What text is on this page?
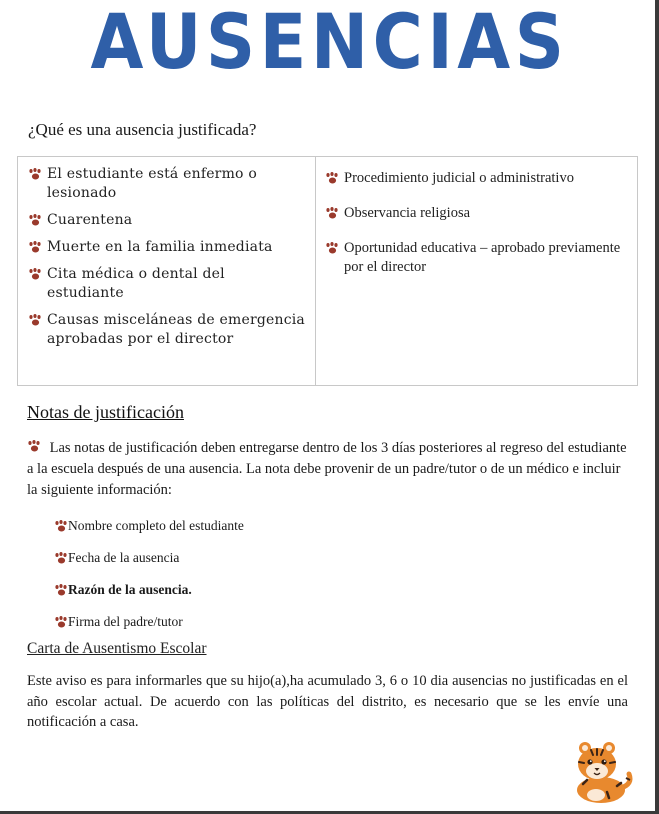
AUSENCIAS
¿Qué es una ausencia justificada?
El estudiante está enfermo o lesionado
Cuarentena
Muerte en la familia inmediata
Cita médica o dental del estudiante
Causas misceláneas de emergencia aprobadas por el director
Procedimiento judicial o administrativo
Observancia religiosa
Oportunidad educativa – aprobado previamente por el director
Notas de justificación
Las notas de justificación deben entregarse dentro de los 3 días posteriores al regreso del estudiante a la escuela después de una ausencia. La nota debe provenir de un padre/tutor o de un médico e incluir la siguiente información:
Nombre completo del estudiante
Fecha de la ausencia
Razón de la ausencia.
Firma del padre/tutor
Carta de Ausentismo Escolar
Este aviso es para informarles que su hijo(a),ha acumulado 3, 6 o 10 dia ausencias no justificadas en el año escolar actual. De acuerdo con las políticas del distrito, es necesario que se les envíe una notificación a casa.
